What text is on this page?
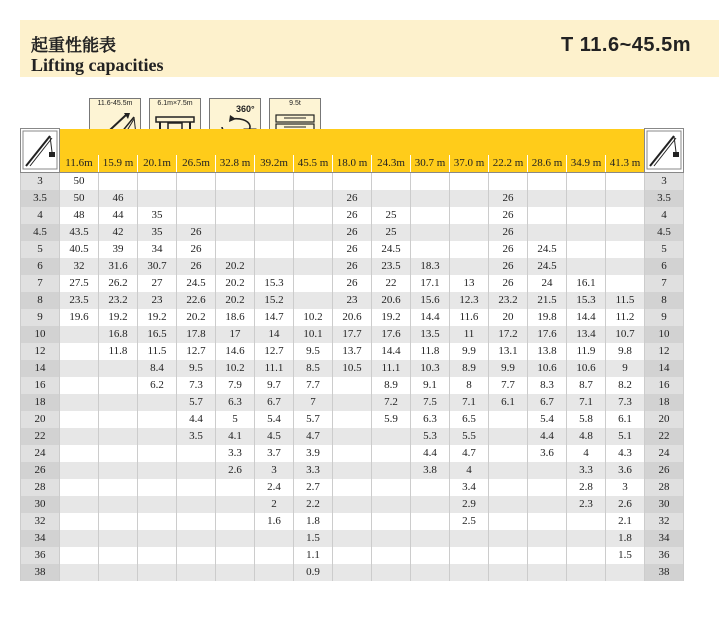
起重性能表
Lifting capacities
T 11.6~45.5m
11.6-45.5m	6.1m×7.5m
360°
9.5t

	11.6m	15.9 m	20.1m	26.5m	32.8 m	39.2m	45.5 m	18.0 m	24.3m	30.7 m	37.0 m	22.2 m	28.6 m	34.9 m	41.3 m	
3	50															3
3.5	50	46						26				26				3.5
4	48	44	35					26	25			26				4
4.5	43.5	42	35	26				26	25			26				4.5
5	40.5	39	34	26				26	24.5			26	24.5			5
6	32	31.6	30.7	26	20.2			26	23.5	18.3		26	24.5			6
7	27.5	26.2	27	24.5	20.2	15.3		26	22	17.1	13	26	24	16.1		7
8	23.5	23.2	23	22.6	20.2	15.2		23	20.6	15.6	12.3	23.2	21.5	15.3	11.5	8
9	19.6	19.2	19.2	20.2	18.6	14.7	10.2	20.6	19.2	14.4	11.6	20	19.8	14.4	11.2	9
10		16.8	16.5	17.8	17	14	10.1	17.7	17.6	13.5	11	17.2	17.6	13.4	10.7	10
12		11.8	11.5	12.7	14.6	12.7	9.5	13.7	14.4	11.8	9.9	13.1	13.8	11.9	9.8	12
14			8.4	9.5	10.2	11.1	8.5	10.5	11.1	10.3	8.9	9.9	10.6	10.6	9	14
16			6.2	7.3	7.9	9.7	7.7		8.9	9.1	8	7.7	8.3	8.7	8.2	16
18				5.7	6.3	6.7	7		7.2	7.5	7.1	6.1	6.7	7.1	7.3	18
20				4.4	5	5.4	5.7		5.9	6.3	6.5		5.4	5.8	6.1	20
22				3.5	4.1	4.5	4.7			5.3	5.5		4.4	4.8	5.1	22
24					3.3	3.7	3.9			4.4	4.7		3.6	4	4.3	24
26					2.6	3	3.3			3.8	4			3.3	3.6	26
28						2.4	2.7				3.4			2.8	3	28
30						2	2.2				2.9			2.3	2.6	30
32						1.6	1.8				2.5				2.1	32
34							1.5								1.8	34
36							1.1								1.5	36
38							0.9									38
